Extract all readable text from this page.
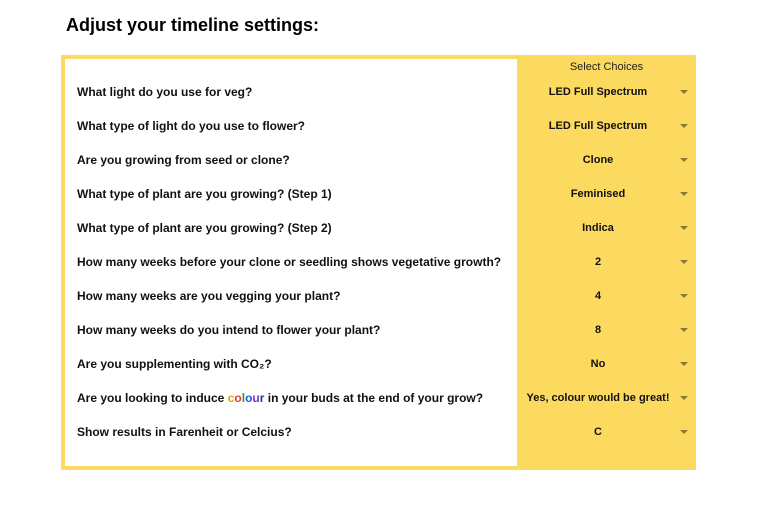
Adjust your timeline settings:
Select Choices
What light do you use for veg?	LED Full Spectrum
What type of light do you use to flower?	LED Full Spectrum
Are you growing from seed or clone?	Clone
What type of plant are you growing? (Step 1)	Feminised
What type of plant are you growing? (Step 2)	Indica
How many weeks before your clone or seedling shows vegetative growth?	2
How many weeks are you vegging your plant?	4
How many weeks do you intend to flower your plant?	8
Are you supplementing with CO₂?	No
Are you looking to induce colour in your buds at the end of your grow?	Yes, colour would be great!
Show results in Farenheit or Celcius?	C
